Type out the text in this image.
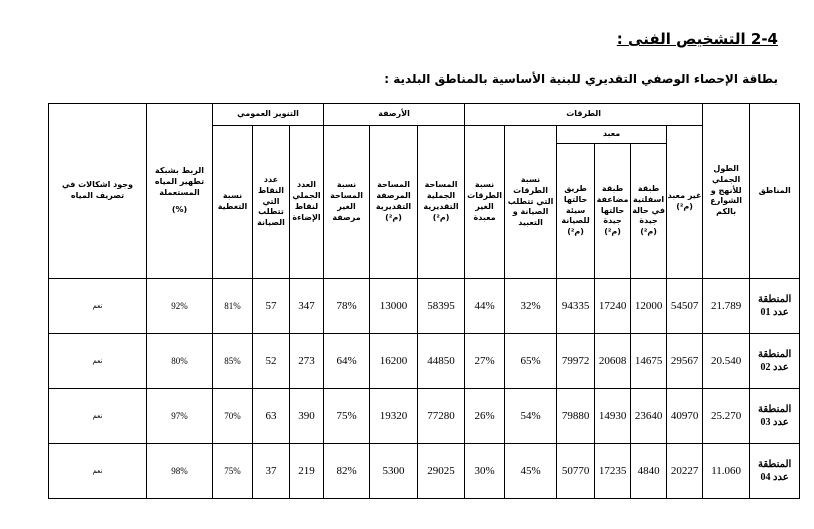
2-4 التشخيص الفنى :
بطاقة الإحصاء الوصفي التقديري للبنية الأساسية بالمناطق البلدية :
وجود اشكالات في تصريف المياه	الربط بشبكة تطهير المياه المستعملة
(%)	التنوير العمومي			الأرصفة			الطرقات						الطول الجملي للأنهج و الشوارع بالكم	المناطق
		نسبة التغطية	عدد النقاط التي تتطلب الصيانة	العدد الجملي لنقاط الإضاءة	نسبة المساحة الغير مرصفة	المساحة المرصفة التقديرية (م²)	المساحة الجملية التقديرية (م²)	نسبة الطرقات الغير معبدة	نسبة الطرقات التي تتطلب الصيانة و التعبيد	معبد			غير معبد (م²)		
										طريق حالتها سيئة للصيانة (م²)	طبقة مضاعفة حالتها جيدة (م²)	طبقة اسفلتية في حالة جيدة (م²)			
نعم	92%	81%	57	347	78%	13000	58395	44%	32%	94335	17240	12000	54507	21.789	المنطقة عدد 01
نعم	80%	85%	52	273	64%	16200	44850	27%	65%	79972	20608	14675	29567	20.540	المنطقة عدد 02
نعم	97%	70%	63	390	75%	19320	77280	26%	54%	79880	14930	23640	40970	25.270	المنطقة عدد 03
نعم	98%	75%	37	219	82%	5300	29025	30%	45%	50770	17235	4840	20227	11.060	المنطقة عدد 04
